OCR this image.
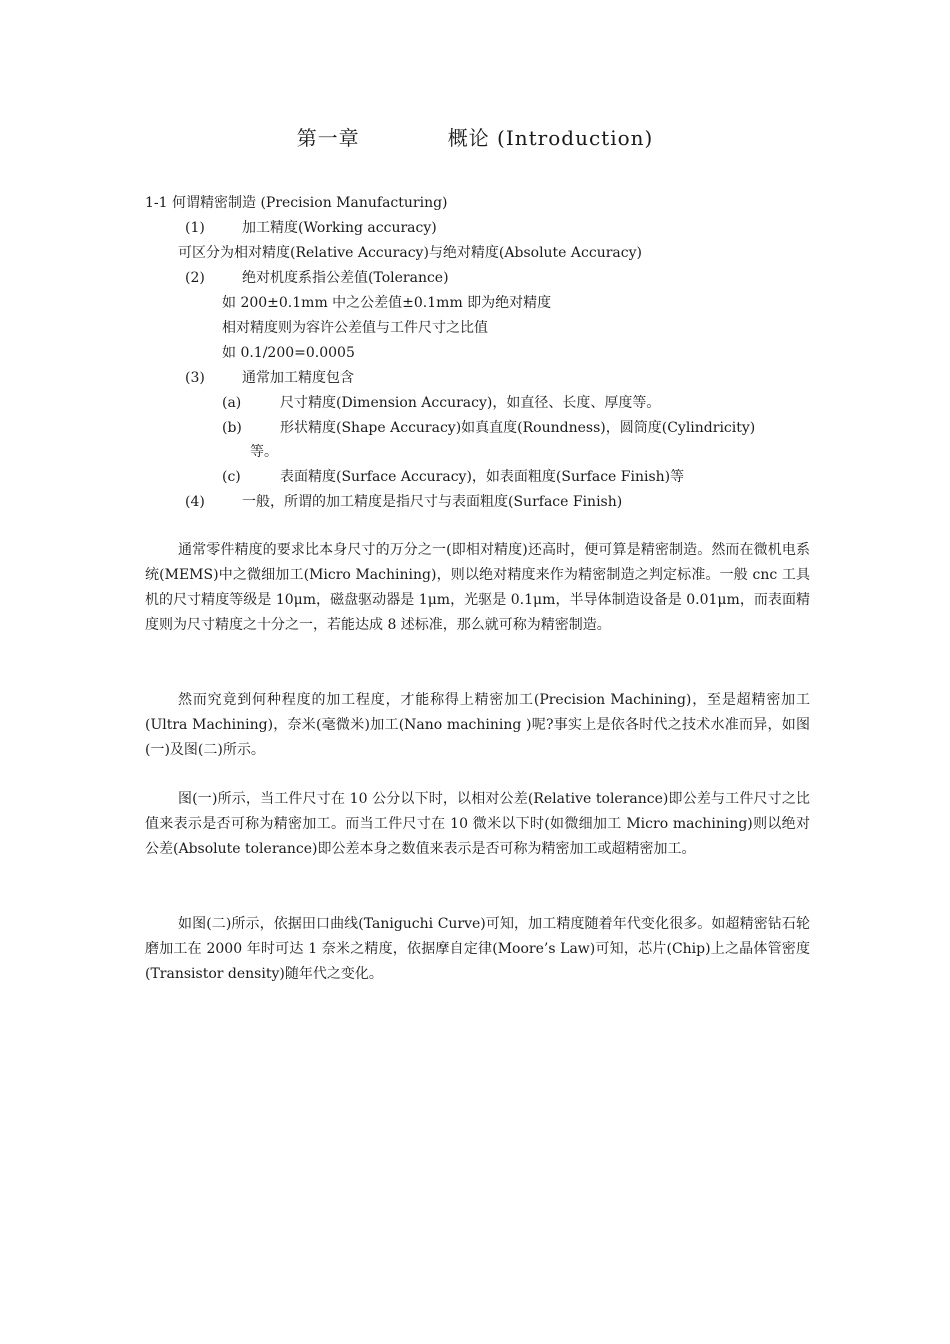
第一章	概论 (Introduction)
1-1 何谓精密制造 (Precision Manufacturing)
(1)	加工精度(Working accuracy)
可区分为相对精度(Relative Accuracy)与绝对精度(Absolute Accuracy)
(2)	绝对机度系指公差值(Tolerance)
如 200±0.1mm 中之公差值±0.1mm 即为绝对精度
相对精度则为容许公差值与工件尺寸之比值
如 0.1/200=0.0005
(3)	通常加工精度包含
(a)	尺寸精度(Dimension Accuracy)，如直径、长度、厚度等。
(b)	形状精度(Shape Accuracy)如真直度(Roundness)，圆筒度(Cylindricity)
等。
(c)	表面精度(Surface Accuracy)，如表面粗度(Surface Finish)等
(4)	一般，所谓的加工精度是指尺寸与表面粗度(Surface Finish)
通常零件精度的要求比本身尺寸的万分之一(即相对精度)还高时，便可算是精密制造。然而在微机电系统(MEMS)中之微细加工(Micro Machining)，则以绝对精度来作为精密制造之判定标准。一般 cnc 工具机的尺寸精度等级是 10μm，磁盘驱动器是 1μm，光驱是 0.1μm，半导体制造设备是 0.01μm，而表面精度则为尺寸精度之十分之一，若能达成 8 述标准，那么就可称为精密制造。
然而究竟到何种程度的加工程度，才能称得上精密加工(Precision Machining)，至是超精密加工(Ultra Machining)，奈米(毫微米)加工(Nano machining )呢?事实上是依各时代之技术水准而异，如图(一)及图(二)所示。
图(一)所示，当工件尺寸在 10 公分以下时，以相对公差(Relative tolerance)即公差与工件尺寸之比值来表示是否可称为精密加工。而当工件尺寸在 10 微米以下时(如微细加工 Micro machining)则以绝对公差(Absolute tolerance)即公差本身之数值来表示是否可称为精密加工或超精密加工。
如图(二)所示，依据田口曲线(Taniguchi Curve)可知，加工精度随着年代变化很多。如超精密钻石轮磨加工在 2000 年时可达 1 奈米之精度，依据摩自定律(Moore’s Law)可知，芯片(Chip)上之晶体管密度(Transistor density)随年代之变化。
